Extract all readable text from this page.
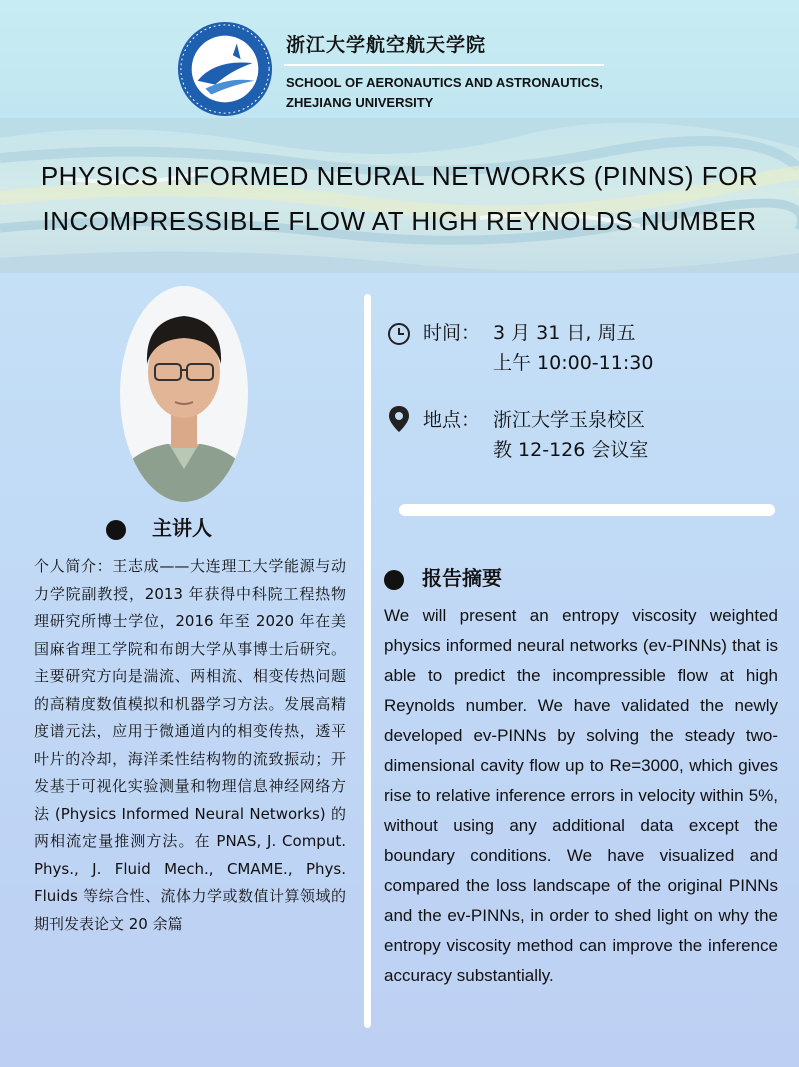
浙江大学航空航天学院
SCHOOL OF AERONAUTICS AND ASTRONAUTICS,
ZHEJIANG UNIVERSITY
PHYSICS INFORMED NEURAL NETWORKS (PINNS) FOR
INCOMPRESSIBLE FLOW AT HIGH REYNOLDS NUMBER
主讲人
个人简介：王志成——大连理工大学能源与动力学院副教授，2013 年获得中科院工程热物理研究所博士学位，2016 年至 2020 年在美国麻省理工学院和布朗大学从事博士后研究。主要研究方向是湍流、两相流、相变传热问题的高精度数值模拟和机器学习方法。发展高精度谱元法，应用于微通道内的相变传热，透平叶片的冷却，海洋柔性结构物的流致振动；开发基于可视化实验测量和物理信息神经网络方法 (Physics Informed Neural Networks) 的两相流定量推测方法。在 PNAS, J. Comput. Phys., J. Fluid Mech., CMAME., Phys. Fluids 等综合性、流体力学或数值计算领域的期刊发表论文 20 余篇
时间： 3 月 31 日, 周五
上午 10:00-11:30
地点： 浙江大学玉泉校区
教 12-126 会议室
报告摘要
We will present an entropy viscosity weighted physics informed neural networks (ev-PINNs) that is able to predict the incompressible flow at high Reynolds number. We have validated the newly developed ev-PINNs by solving the steady two-dimensional cavity flow up to Re=3000, which gives rise to relative inference errors in velocity within 5%, without using any additional data except the boundary conditions. We have visualized and compared the loss landscape of the original PINNs and the ev-PINNs, in order to shed light on why the entropy viscosity method can improve the inference accuracy substantially.
